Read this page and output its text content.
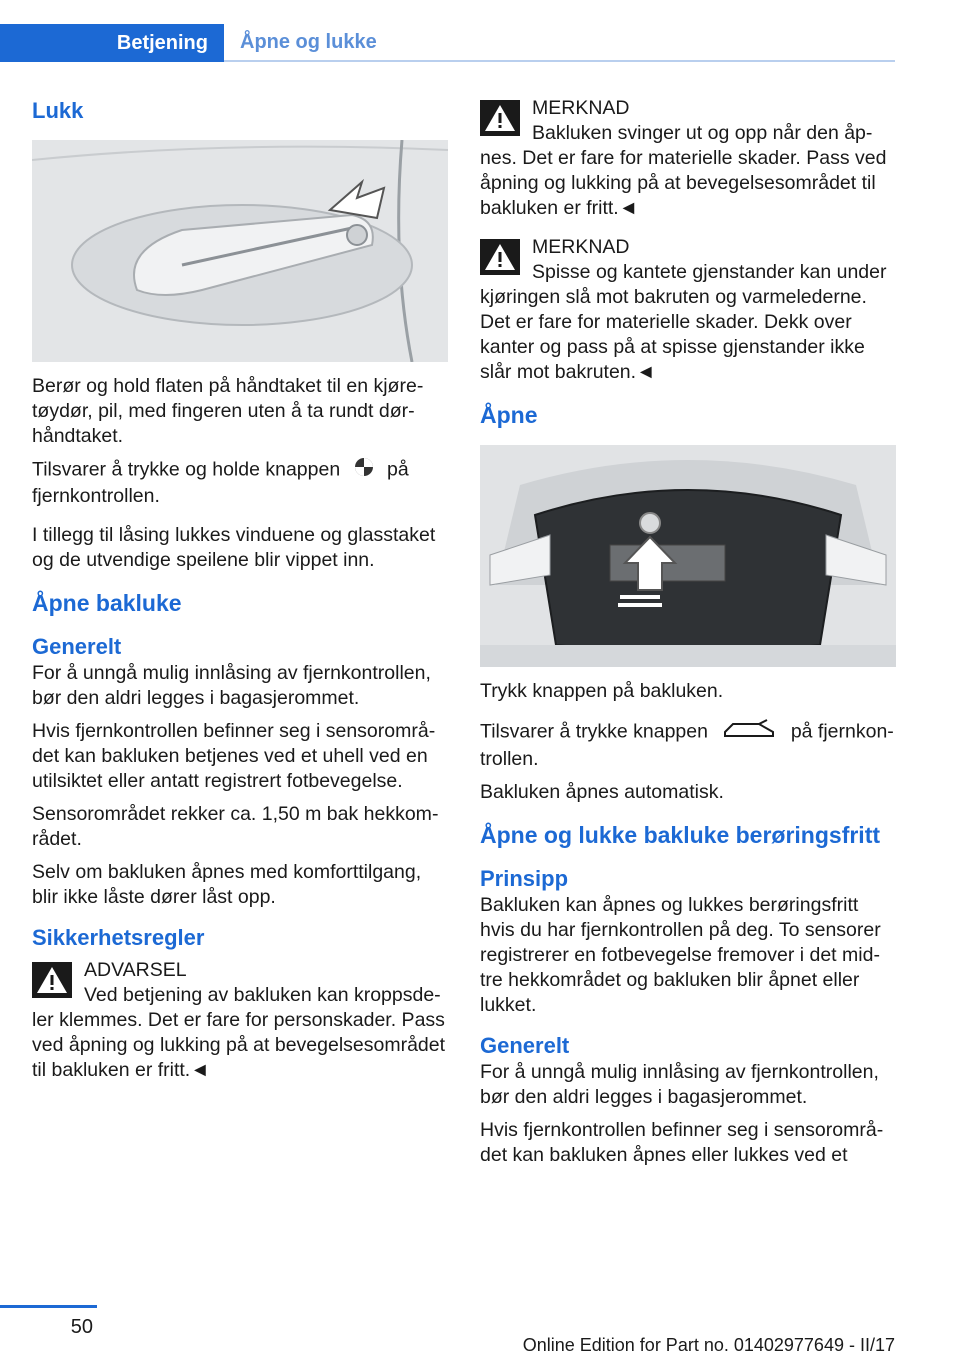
Betjening	Åpne og lukke
Lukk

Berør og hold flaten på håndtaket til en kjøretøydør, pil, med fingeren uten å ta rundt dørhåndtaket.

Tilsvarer å trykke og holde knappen på fjernkontrollen.

I tillegg til låsing lukkes vinduene og glasstaket og de utvendige speilene blir vippet inn.

Åpne bakluke
Generelt

For å unngå mulig innlåsing av fjernkontrollen, bør den aldri legges i bagasjerommet.

Hvis fjernkontrollen befinner seg i sensorområdet kan bakluken betjenes ved et uhell ved en utilsiktet eller antatt registrert fotbevegelse.

Sensorområdet rekker ca. 1,50 m bak hekkområdet.

Selv om bakluken åpnes med komforttilgang, blir ikke låste dører låst opp.

Sikkerhetsregler
ADVARSEL

Ved betjening av bakluken kan kroppsdeler klemmes. Det er fare for personskader. Pass ved åpning og lukking på at bevegelsesområdet til bakluken er fritt.◄

MERKNAD

Bakluken svinger ut og opp når den åpnes. Det er fare for materielle skader. Pass ved åpning og lukking på at bevegelsesområdet til bakluken er fritt.◄

MERKNAD

Spisse og kantete gjenstander kan under kjøringen slå mot bakruten og varmelederne. Det er fare for materielle skader. Dekk over kanter og pass på at spisse gjenstander ikke slår mot bakruten.◄

Åpne

Trykk knappen på bakluken.

Tilsvarer å trykke knappen	på fjernkontrollen.

Bakluken åpnes automatisk.

Åpne og lukke bakluke berøringsfritt
Prinsipp

Bakluken kan åpnes og lukkes berøringsfritt hvis du har fjernkontrollen på deg. To sensorer registrerer en fotbevegelse fremover i det midtre hekkområdet og bakluken blir åpnet eller lukket.

Generelt

For å unngå mulig innlåsing av fjernkontrollen, bør den aldri legges i bagasjerommet.

Hvis fjernkontrollen befinner seg i sensorområdet kan bakluken åpnes eller lukkes ved et

50
Online Edition for Part no. 01402977649 - II/17
